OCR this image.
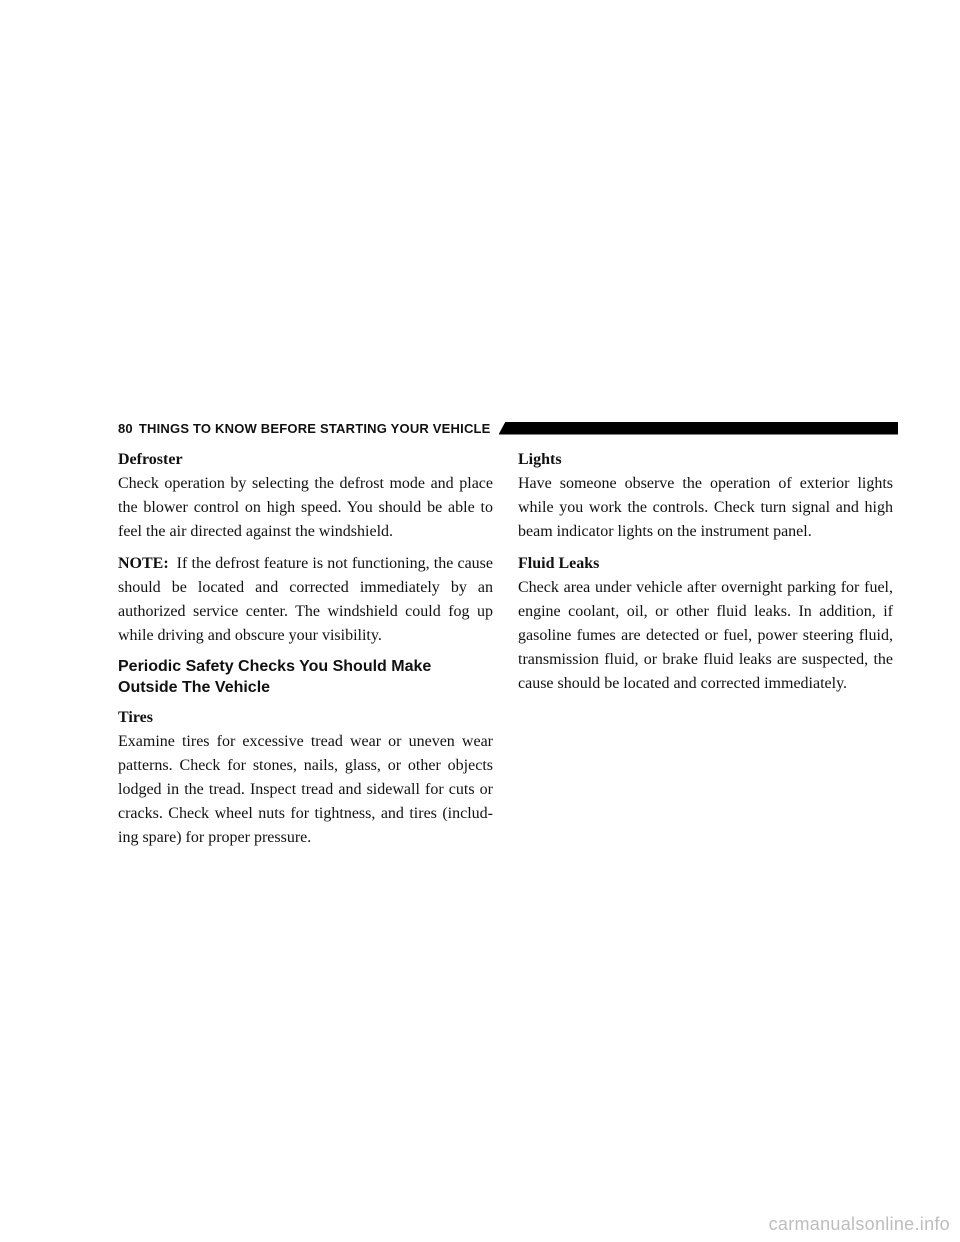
80 THINGS TO KNOW BEFORE STARTING YOUR VEHICLE
Defroster

Check operation by selecting the defrost mode and place the blower control on high speed. You should be able to feel the air directed against the windshield.

NOTE: If the defrost feature is not functioning, the cause should be located and corrected immediately by an authorized service center. The windshield could fog up while driving and obscure your visibility.

Periodic Safety Checks You Should Make Outside The Vehicle
Tires

Examine tires for excessive tread wear or uneven wear patterns. Check for stones, nails, glass, or other objects lodged in the tread. Inspect tread and sidewall for cuts or cracks. Check wheel nuts for tightness, and tires (includ-ing spare) for proper pressure.

Lights

Have someone observe the operation of exterior lights while you work the controls. Check turn signal and high beam indicator lights on the instrument panel.

Fluid Leaks

Check area under vehicle after overnight parking for fuel, engine coolant, oil, or other fluid leaks. In addition, if gasoline fumes are detected or fuel, power steering fluid, transmission fluid, or brake fluid leaks are suspected, the cause should be located and corrected immediately.

carmanualsonline.info
